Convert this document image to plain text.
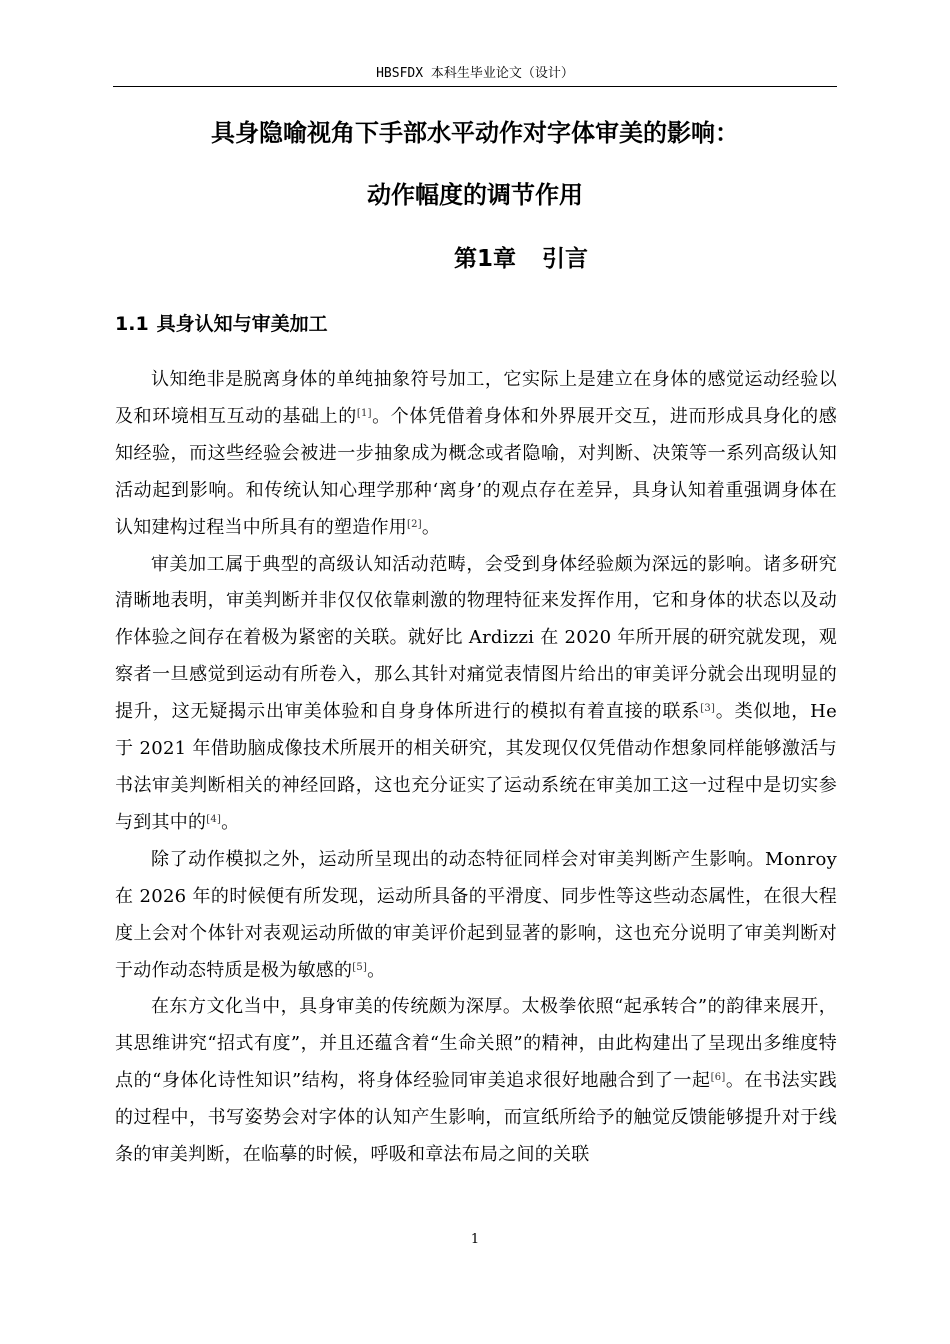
HBSFDX 本科生毕业论文（设计）
具身隐喻视角下手部水平动作对字体审美的影响：
动作幅度的调节作用
第1章 引言
1.1 具身认知与审美加工

认知绝非是脱离身体的单纯抽象符号加工，它实际上是建立在身体的感觉运动经验以及和环境相互互动的基础上的[1]。个体凭借着身体和外界展开交互，进而形成具身化的感知经验，而这些经验会被进一步抽象成为概念或者隐喻，对判断、决策等一系列高级认知活动起到影响。和传统认知心理学那种‘离身’的观点存在差异，具身认知着重强调身体在认知建构过程当中所具有的塑造作用[2]。

审美加工属于典型的高级认知活动范畴，会受到身体经验颇为深远的影响。诸多研究清晰地表明，审美判断并非仅仅依靠刺激的物理特征来发挥作用，它和身体的状态以及动作体验之间存在着极为紧密的关联。就好比 Ardizzi 在 2020 年所开展的研究就发现，观察者一旦感觉到运动有所卷入，那么其针对痛觉表情图片给出的审美评分就会出现明显的提升，这无疑揭示出审美体验和自身身体所进行的模拟有着直接的联系[3]。类似地，He 于 2021 年借助脑成像技术所展开的相关研究，其发现仅仅凭借动作想象同样能够激活与书法审美判断相关的神经回路，这也充分证实了运动系统在审美加工这一过程中是切实参与到其中的[4]。

除了动作模拟之外，运动所呈现出的动态特征同样会对审美判断产生影响。Monroy 在 2026 年的时候便有所发现，运动所具备的平滑度、同步性等这些动态属性，在很大程度上会对个体针对表观运动所做的审美评价起到显著的影响，这也充分说明了审美判断对于动作动态特质是极为敏感的[5]。

在东方文化当中，具身审美的传统颇为深厚。太极拳依照“起承转合”的韵律来展开，其思维讲究“招式有度”，并且还蕴含着“生命关照”的精神，由此构建出了呈现出多维度特点的“身体化诗性知识”结构，将身体经验同审美追求很好地融合到了一起[6]。在书法实践的过程中，书写姿势会对字体的认知产生影响，而宣纸所给予的触觉反馈能够提升对于线条的审美判断，在临摹的时候，呼吸和章法布局之间的关联

1
